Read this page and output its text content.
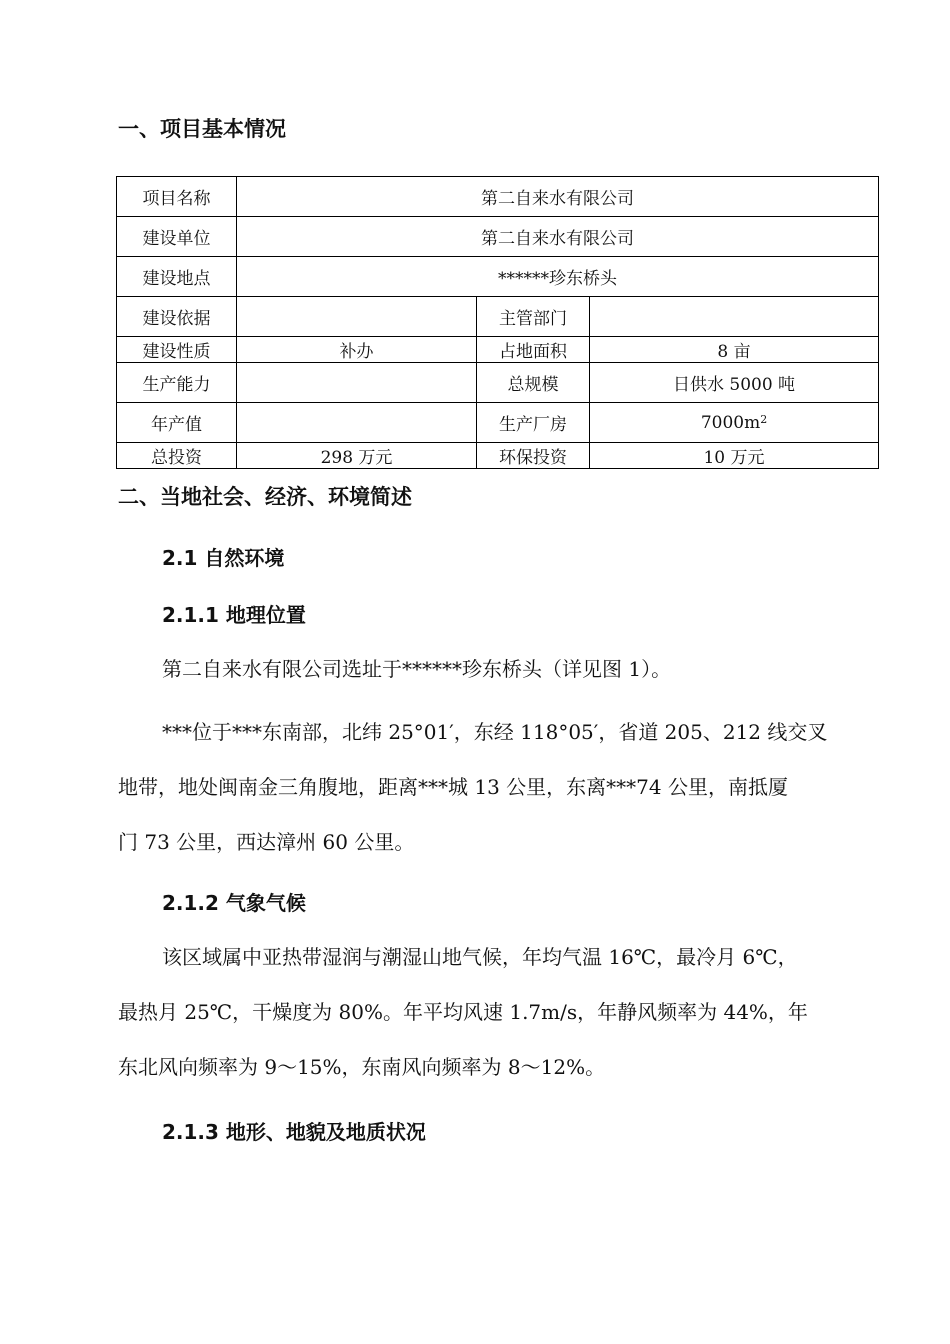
一、项目基本情况
项目名称	第二自来水有限公司		
建设单位	第二自来水有限公司		
建设地点	******珍东桥头		
建设依据		主管部门	
建设性质	补办	占地面积	8 亩
生产能力		总规模	日供水 5000 吨
年产值		生产厂房	$7000m^2$
总投资	298 万元	环保投资	10 万元
二、当地社会、经济、环境简述
2.1 自然环境
2.1.1 地理位置

第二自来水有限公司选址于******珍东桥头（详见图 1）。

***位于***东南部，北纬 25°01′，东经 118°05′，省道 205、212 线交叉
地带，地处闽南金三角腹地，距离***城 13 公里，东离***74 公里，南抵厦
门 73 公里，西达漳州 60 公里。

2.1.2 气象气候

该区域属中亚热带湿润与潮湿山地气候，年均气温 16℃，最冷月 6℃，
最热月 25℃，干燥度为 80%。年平均风速 1.7m/s，年静风频率为 44%，年
东北风向频率为 9～15%，东南风向频率为 8～12%。

2.1.3 地形、地貌及地质状况
